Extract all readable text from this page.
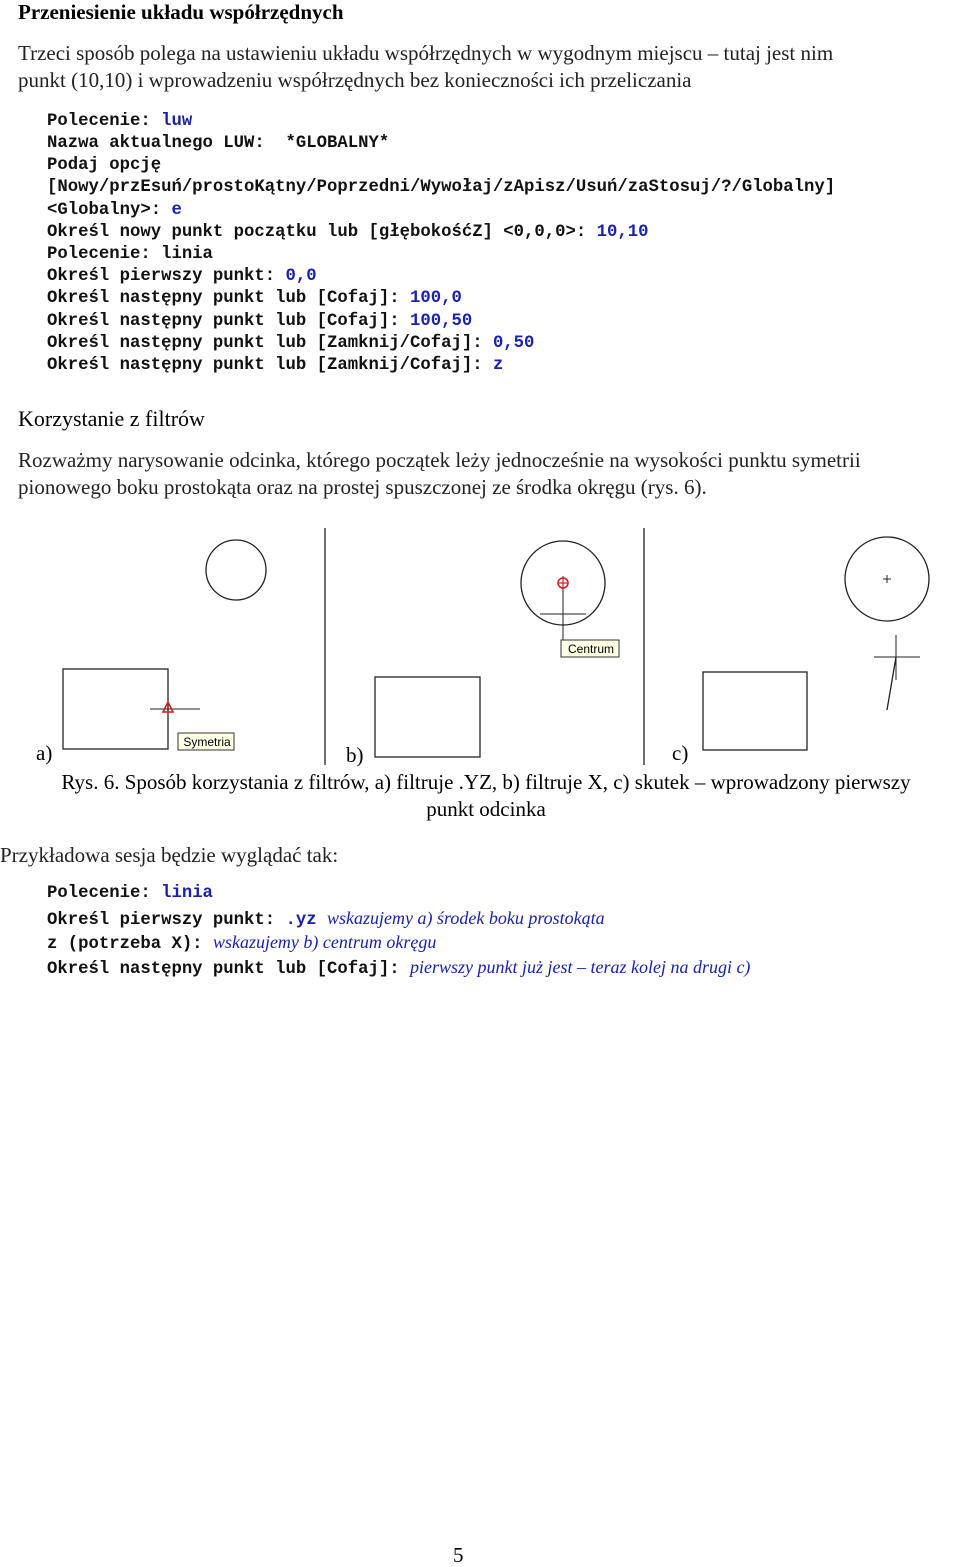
Przeniesienie układu współrzędnych
Trzeci sposób polega na ustawieniu układu współrzędnych w wygodnym miejscu – tutaj jest nim
punkt (10,10) i wprowadzeniu współrzędnych bez konieczności ich przeliczania
Polecenie: luw
Nazwa aktualnego LUW:  *GLOBALNY*
Podaj opcję
[Nowy/przEsuń/prostoKątny/Poprzedni/Wywołaj/zApisz/Usuń/zaStosuj/?/Globalny]
<Globalny>: e
Określ nowy punkt początku lub [głębokośćZ] <0,0,0>: 10,10
Polecenie: linia
Określ pierwszy punkt: 0,0
Określ następny punkt lub [Cofaj]: 100,0
Określ następny punkt lub [Cofaj]: 100,50
Określ następny punkt lub [Zamknij/Cofaj]: 0,50
Określ następny punkt lub [Zamknij/Cofaj]: z
Korzystanie z filtrów
Rozważmy narysowanie odcinka, którego początek leży jednocześnie na wysokości punktu symetrii
pionowego boku prostokąta oraz na prostej spuszczonej ze środka okręgu (rys. 6).
Symetria
Centrum
a)	b)	c)
Rys. 6. Sposób korzystania z filtrów, a) filtruje .YZ, b) filtruje X, c) skutek – wprowadzony pierwszy
punkt odcinka
Przykładowa sesja będzie wyglądać tak:
Polecenie: linia
Określ pierwszy punkt: .yz wskazujemy a) środek boku prostokąta
z (potrzeba X): wskazujemy b) centrum okręgu
Określ następny punkt lub [Cofaj]: pierwszy punkt już jest – teraz kolej na drugi c)
5
